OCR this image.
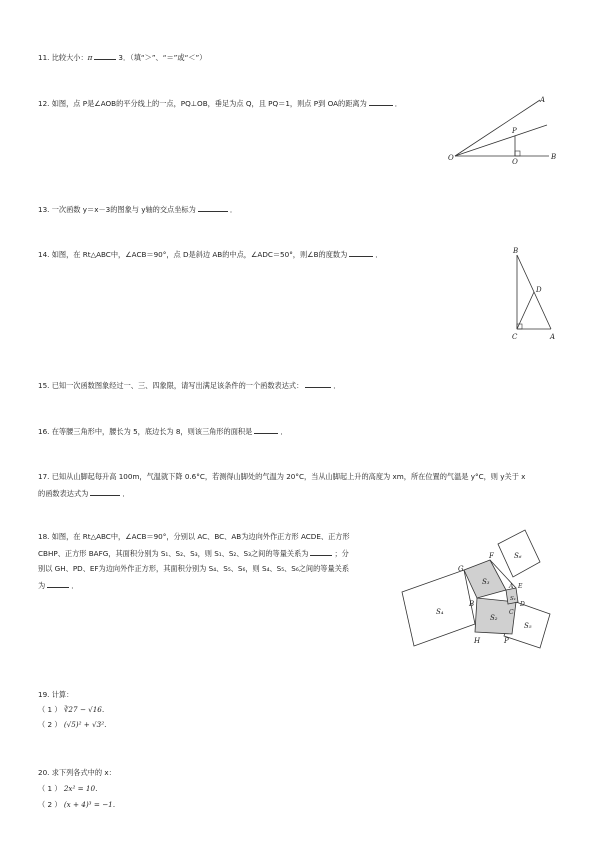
11. 比较大小：π	3．（填“＞”、“＝”或“＜”）
12. 如图，点 P是∠AOB的平分线上的一点，PQ⊥OB，垂足为点 Q，且 PQ＝1，则点 P到 OA的距离为	．	A
P
O	Q
B
13. 一次函数 y＝x－3的图象与 y轴的交点坐标为	．
14. 如图，在 Rt△ABC中，∠ACB＝90°，点 D是斜边 AB的中点，∠ADC＝50°，则∠B的度数为	．	B
D
C	A
15. 已知一次函数图象经过一、三、四象限，请写出满足该条件的一个函数表达式：	．
16. 在等腰三角形中，腰长为 5，底边长为 8，则该三角形的面积是	．
17. 已知从山脚起每升高 100m，气温就下降 0.6°C，若测得山脚处的气温为 20°C，当从山脚起上升的高度为 xm，所在位置的气温是 y°C，则 y关于 x
的函数表达式为	．
18. 如图，在 Rt△ABC中，∠ACB＝90°，分别以 AC、BC、AB为边向外作正方形 ACDE、正方形
CBHP、正方形 BAFG，其面积分别为 S₁、S₂、S₃，则 S₁、S₂、S₃之间的等量关系为	；分
别以 GH、PD、EF为边向外作正方形，其面积分别为 S₄、S₅、S₆，则 S₄、S₅、S₆之间的等量关系
为	．
F
G
E
A
B
C
D
H	P
S₃
S₂
S₁
S₄
S₅
S₆
19. 计算：
（ 1 ） ∛27 − √16．
（ 2 ） (√5)² + √3²．
20. 求下列各式中的 x：
（ 1 ） 2x² = 10．
（ 2 ） (x + 4)³ = −1．
